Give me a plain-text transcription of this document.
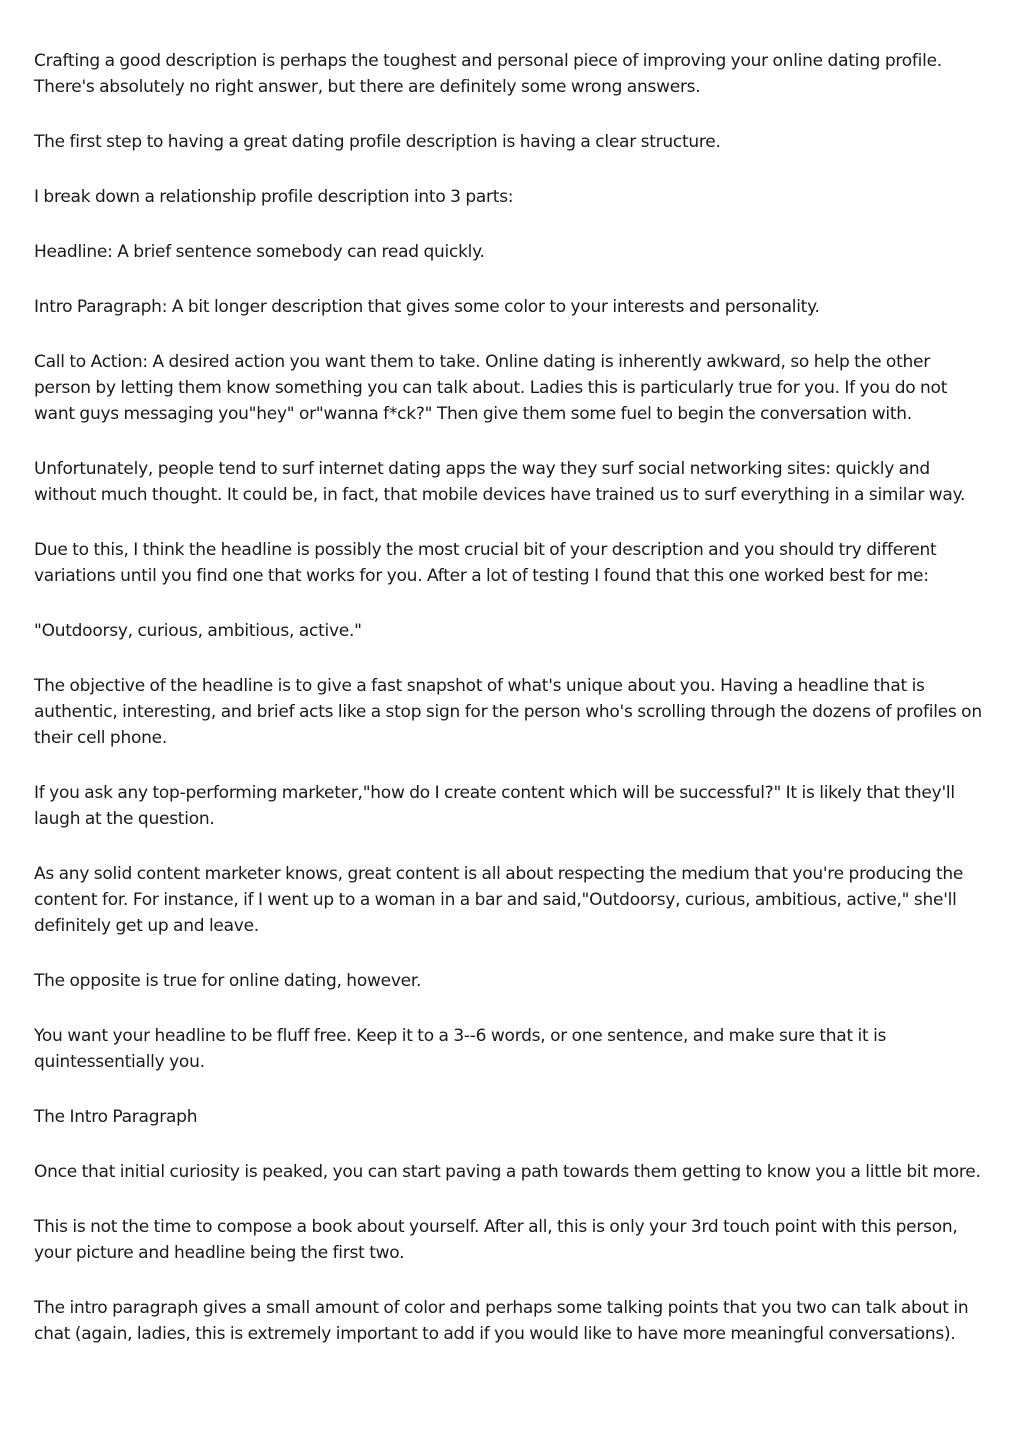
Crafting a good description is perhaps the toughest and personal piece of improving your online dating profile. There's absolutely no right answer, but there are definitely some wrong answers.

The first step to having a great dating profile description is having a clear structure.

I break down a relationship profile description into 3 parts:

Headline: A brief sentence somebody can read quickly.

Intro Paragraph: A bit longer description that gives some color to your interests and personality.

Call to Action: A desired action you want them to take. Online dating is inherently awkward, so help the other person by letting them know something you can talk about. Ladies this is particularly true for you. If you do not want guys messaging you"hey" or"wanna f*ck?" Then give them some fuel to begin the conversation with.

Unfortunately, people tend to surf internet dating apps the way they surf social networking sites: quickly and without much thought. It could be, in fact, that mobile devices have trained us to surf everything in a similar way.

Due to this, I think the headline is possibly the most crucial bit of your description and you should try different variations until you find one that works for you. After a lot of testing I found that this one worked best for me:

"Outdoorsy, curious, ambitious, active."

The objective of the headline is to give a fast snapshot of what's unique about you. Having a headline that is authentic, interesting, and brief acts like a stop sign for the person who's scrolling through the dozens of profiles on their cell phone.

If you ask any top-performing marketer,"how do I create content which will be successful?" It is likely that they'll laugh at the question.

As any solid content marketer knows, great content is all about respecting the medium that you're producing the content for. For instance, if I went up to a woman in a bar and said,"Outdoorsy, curious, ambitious, active," she'll definitely get up and leave.

The opposite is true for online dating, however.

You want your headline to be fluff free. Keep it to a 3--6 words, or one sentence, and make sure that it is quintessentially you.

The Intro Paragraph

Once that initial curiosity is peaked, you can start paving a path towards them getting to know you a little bit more.

This is not the time to compose a book about yourself. After all, this is only your 3rd touch point with this person, your picture and headline being the first two.

The intro paragraph gives a small amount of color and perhaps some talking points that you two can talk about in chat (again, ladies, this is extremely important to add if you would like to have more meaningful conversations).
